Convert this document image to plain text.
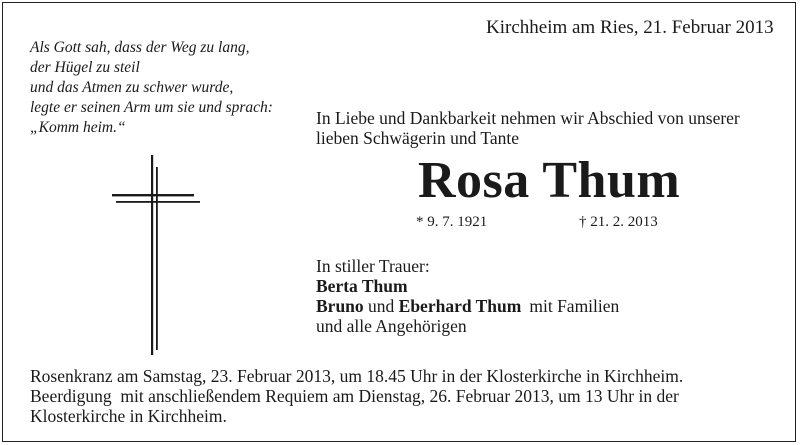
Kirchheim am Ries, 21. Februar 2013
Als Gott sah, dass der Weg zu lang,
der Hügel zu steil
und das Atmen zu schwer wurde,
legte er seinen Arm um sie und sprach:
„Komm heim.“	In Liebe und Dankbarkeit nehmen wir Abschied von unserer
lieben Schwägerin und Tante
Rosa Thum
* 9. 7. 1921	† 21. 2. 2013
In stiller Trauer:
Berta Thum
Bruno und Eberhard Thum mit Familien
und alle Angehörigen
Rosenkranz am Samstag, 23. Februar 2013, um 18.45 Uhr in der Klosterkirche in Kirchheim.
Beerdigung  mit anschließendem Requiem am Dienstag, 26. Februar 2013, um 13 Uhr in der
Klosterkirche in Kirchheim.
